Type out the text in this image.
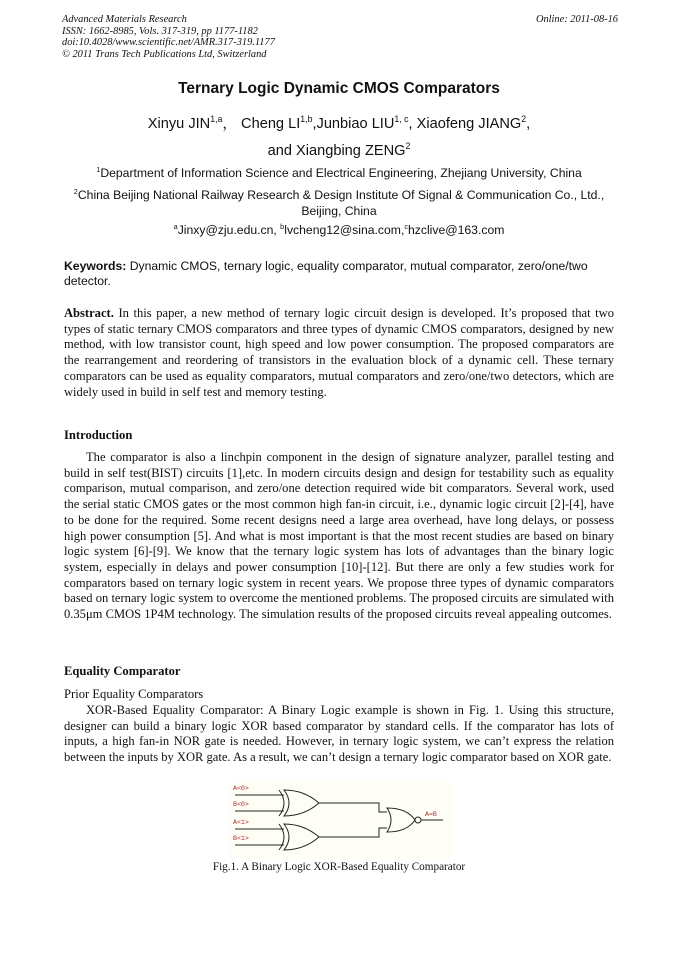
Advanced Materials Research
ISSN: 1662-8985, Vols. 317-319, pp 1177-1182
doi:10.4028/www.scientific.net/AMR.317-319.1177
© 2011 Trans Tech Publications Ltd, Switzerland
Online: 2011-08-16
Ternary Logic Dynamic CMOS Comparators
Xinyu JIN$^{1,a}$， Cheng LI$^{1,b}$,Junbiao LIU$^{1, c}$, Xiaofeng JIANG$^2$,
and Xiangbing ZENG$^2$
$^1$Department of Information Science and Electrical Engineering, Zhejiang University, China
$^2$China Beijing National Railway Research & Design Institute Of Signal & Communication Co., Ltd., Beijing, China
$^a$Jinxy@zju.edu.cn, $^b$lvcheng12@sina.com,$^c$hzclive@163.com
Keywords: Dynamic CMOS, ternary logic, equality comparator, mutual comparator, zero/one/two detector.
Abstract. In this paper, a new method of ternary logic circuit design is developed. It’s proposed that two types of static ternary CMOS comparators and three types of dynamic CMOS comparators, designed by new method, with low transistor count, high speed and low power consumption. The proposed comparators are the rearrangement and reordering of transistors in the evaluation block of a dynamic cell. These ternary comparators can be used as equality comparators, mutual comparators and zero/one/two detectors, which are widely used in build in self test and memory testing.
Introduction
The comparator is also a linchpin component in the design of signature analyzer, parallel testing and build in self test(BIST) circuits [1],etc. In modern circuits design and design for testability such as equality comparison, mutual comparison, and zero/one detection required wide bit comparators. Several work, used the serial static CMOS gates or the most common high fan-in circuit, i.e., dynamic logic circuit [2]-[4], have to be done for the required. Some recent designs need a large area overhead, have long delays, or possess high power consumption [5]. And what is most important is that the most recent studies are based on binary logic system [6]-[9]. We know that the ternary logic system has lots of advantages than the binary logic system, especially in delays and power consumption [10]-[12]. But there are only a few studies work for comparators based on ternary logic system in recent years. We propose three types of dynamic comparators based on ternary logic system to overcome the mentioned problems. The proposed circuits are simulated with 0.35μm CMOS 1P4M technology. The simulation results of the proposed circuits reveal appealing outcomes.
Equality Comparator
Prior Equality Comparators
XOR-Based Equality Comparator: A Binary Logic example is shown in Fig. 1. Using this structure, designer can build a binary logic XOR based comparator by standard cells. If the comparator has lots of inputs, a high fan-in NOR gate is needed. However, in ternary logic system, we can’t express the relation between the inputs by XOR gate. As a result, we can’t design a ternary logic comparator based on XOR gate.
A<0>
B<0>
A<1>
B<1>
A=B
Fig.1. A Binary Logic XOR-Based Equality Comparator
